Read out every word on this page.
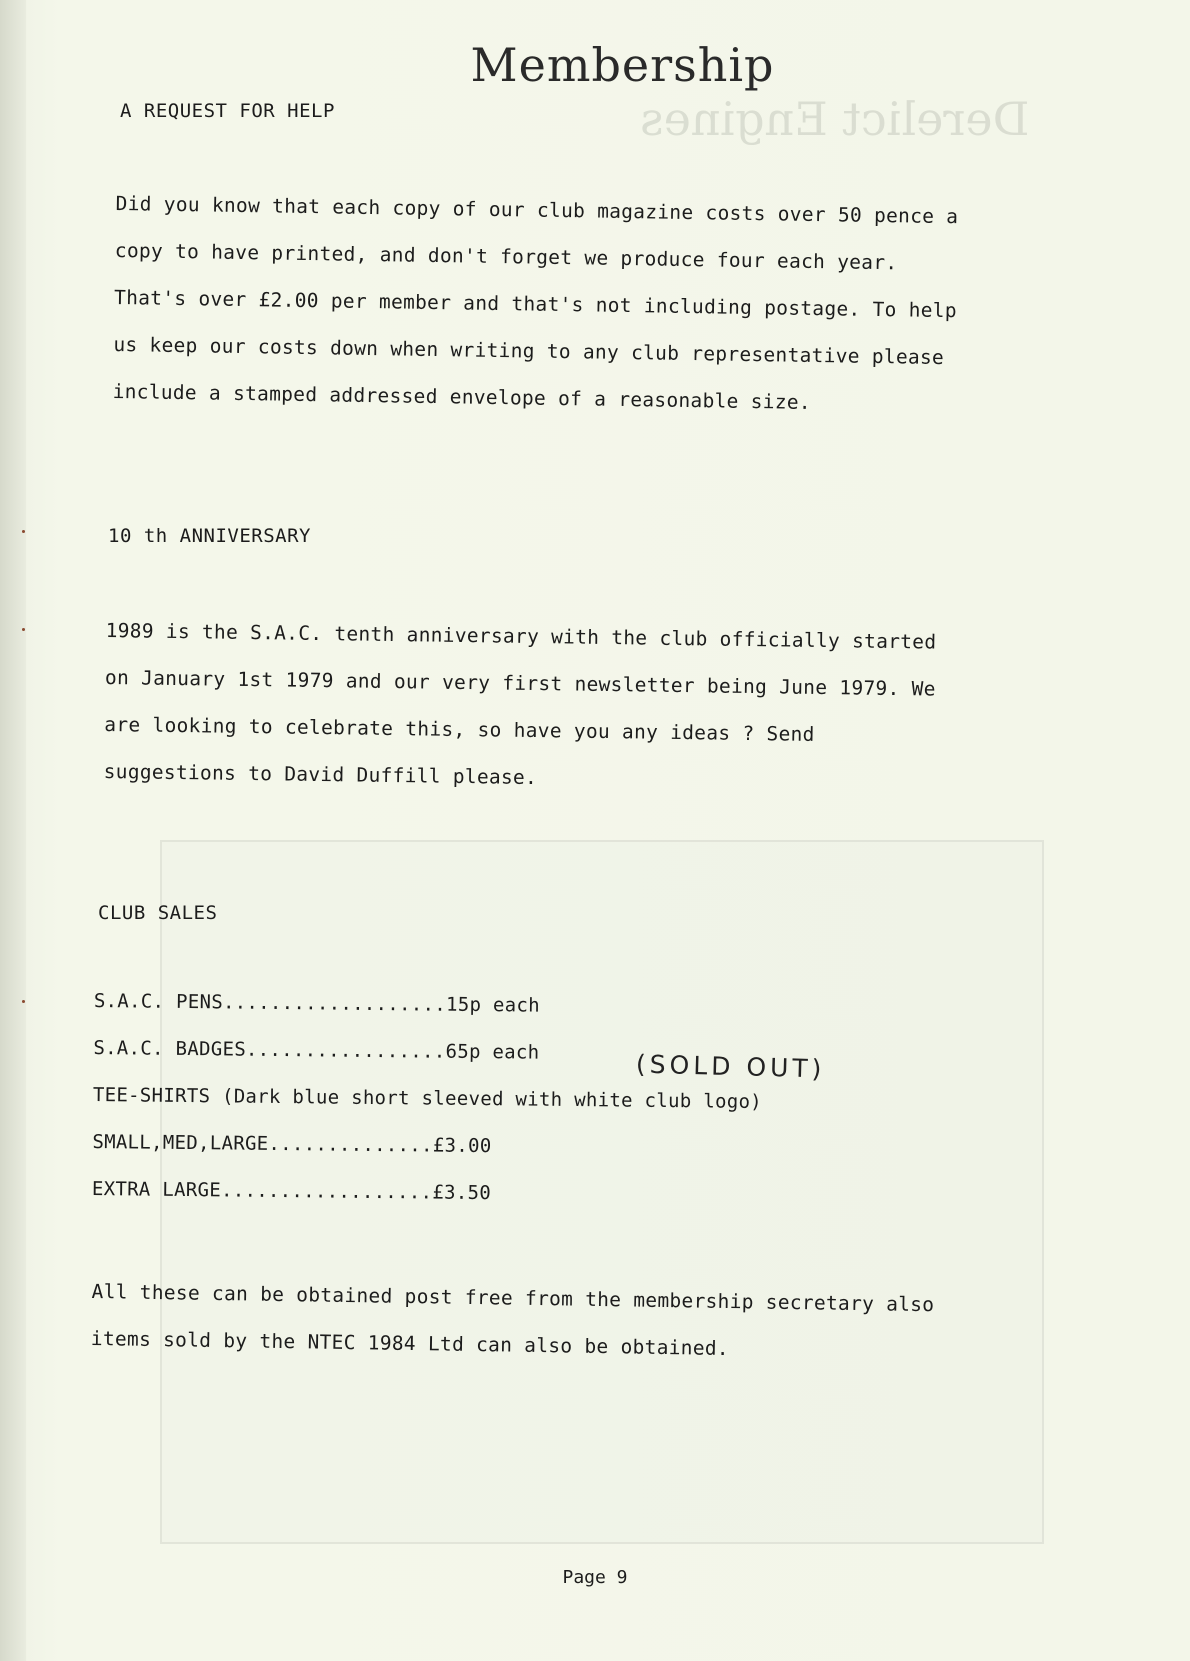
Derelict Engines
Membership
A REQUEST FOR HELP
Did you know that each copy of our club magazine costs over 50 pence a
copy to have printed, and don't forget we produce four each year.
That's over £2.00 per member and that's not including postage. To help
us keep our costs down when writing to any club representative please
include a stamped addressed envelope of a reasonable size.
10 th ANNIVERSARY
1989 is the S.A.C. tenth anniversary with the club officially started
on January 1st 1979 and our very first newsletter being June 1979. We
are looking to celebrate this, so have you any ideas ? Send
suggestions to David Duffill please.
CLUB SALES
S.A.C. PENS...................15p each
S.A.C. BADGES.................65p each
TEE-SHIRTS (Dark blue short sleeved with white club logo)
SMALL,MED,LARGE..............£3.00
EXTRA LARGE..................£3.50
(SOLD OUT)
All these can be obtained post free from the membership secretary also
items sold by the NTEC 1984 Ltd can also be obtained.
Page 9
